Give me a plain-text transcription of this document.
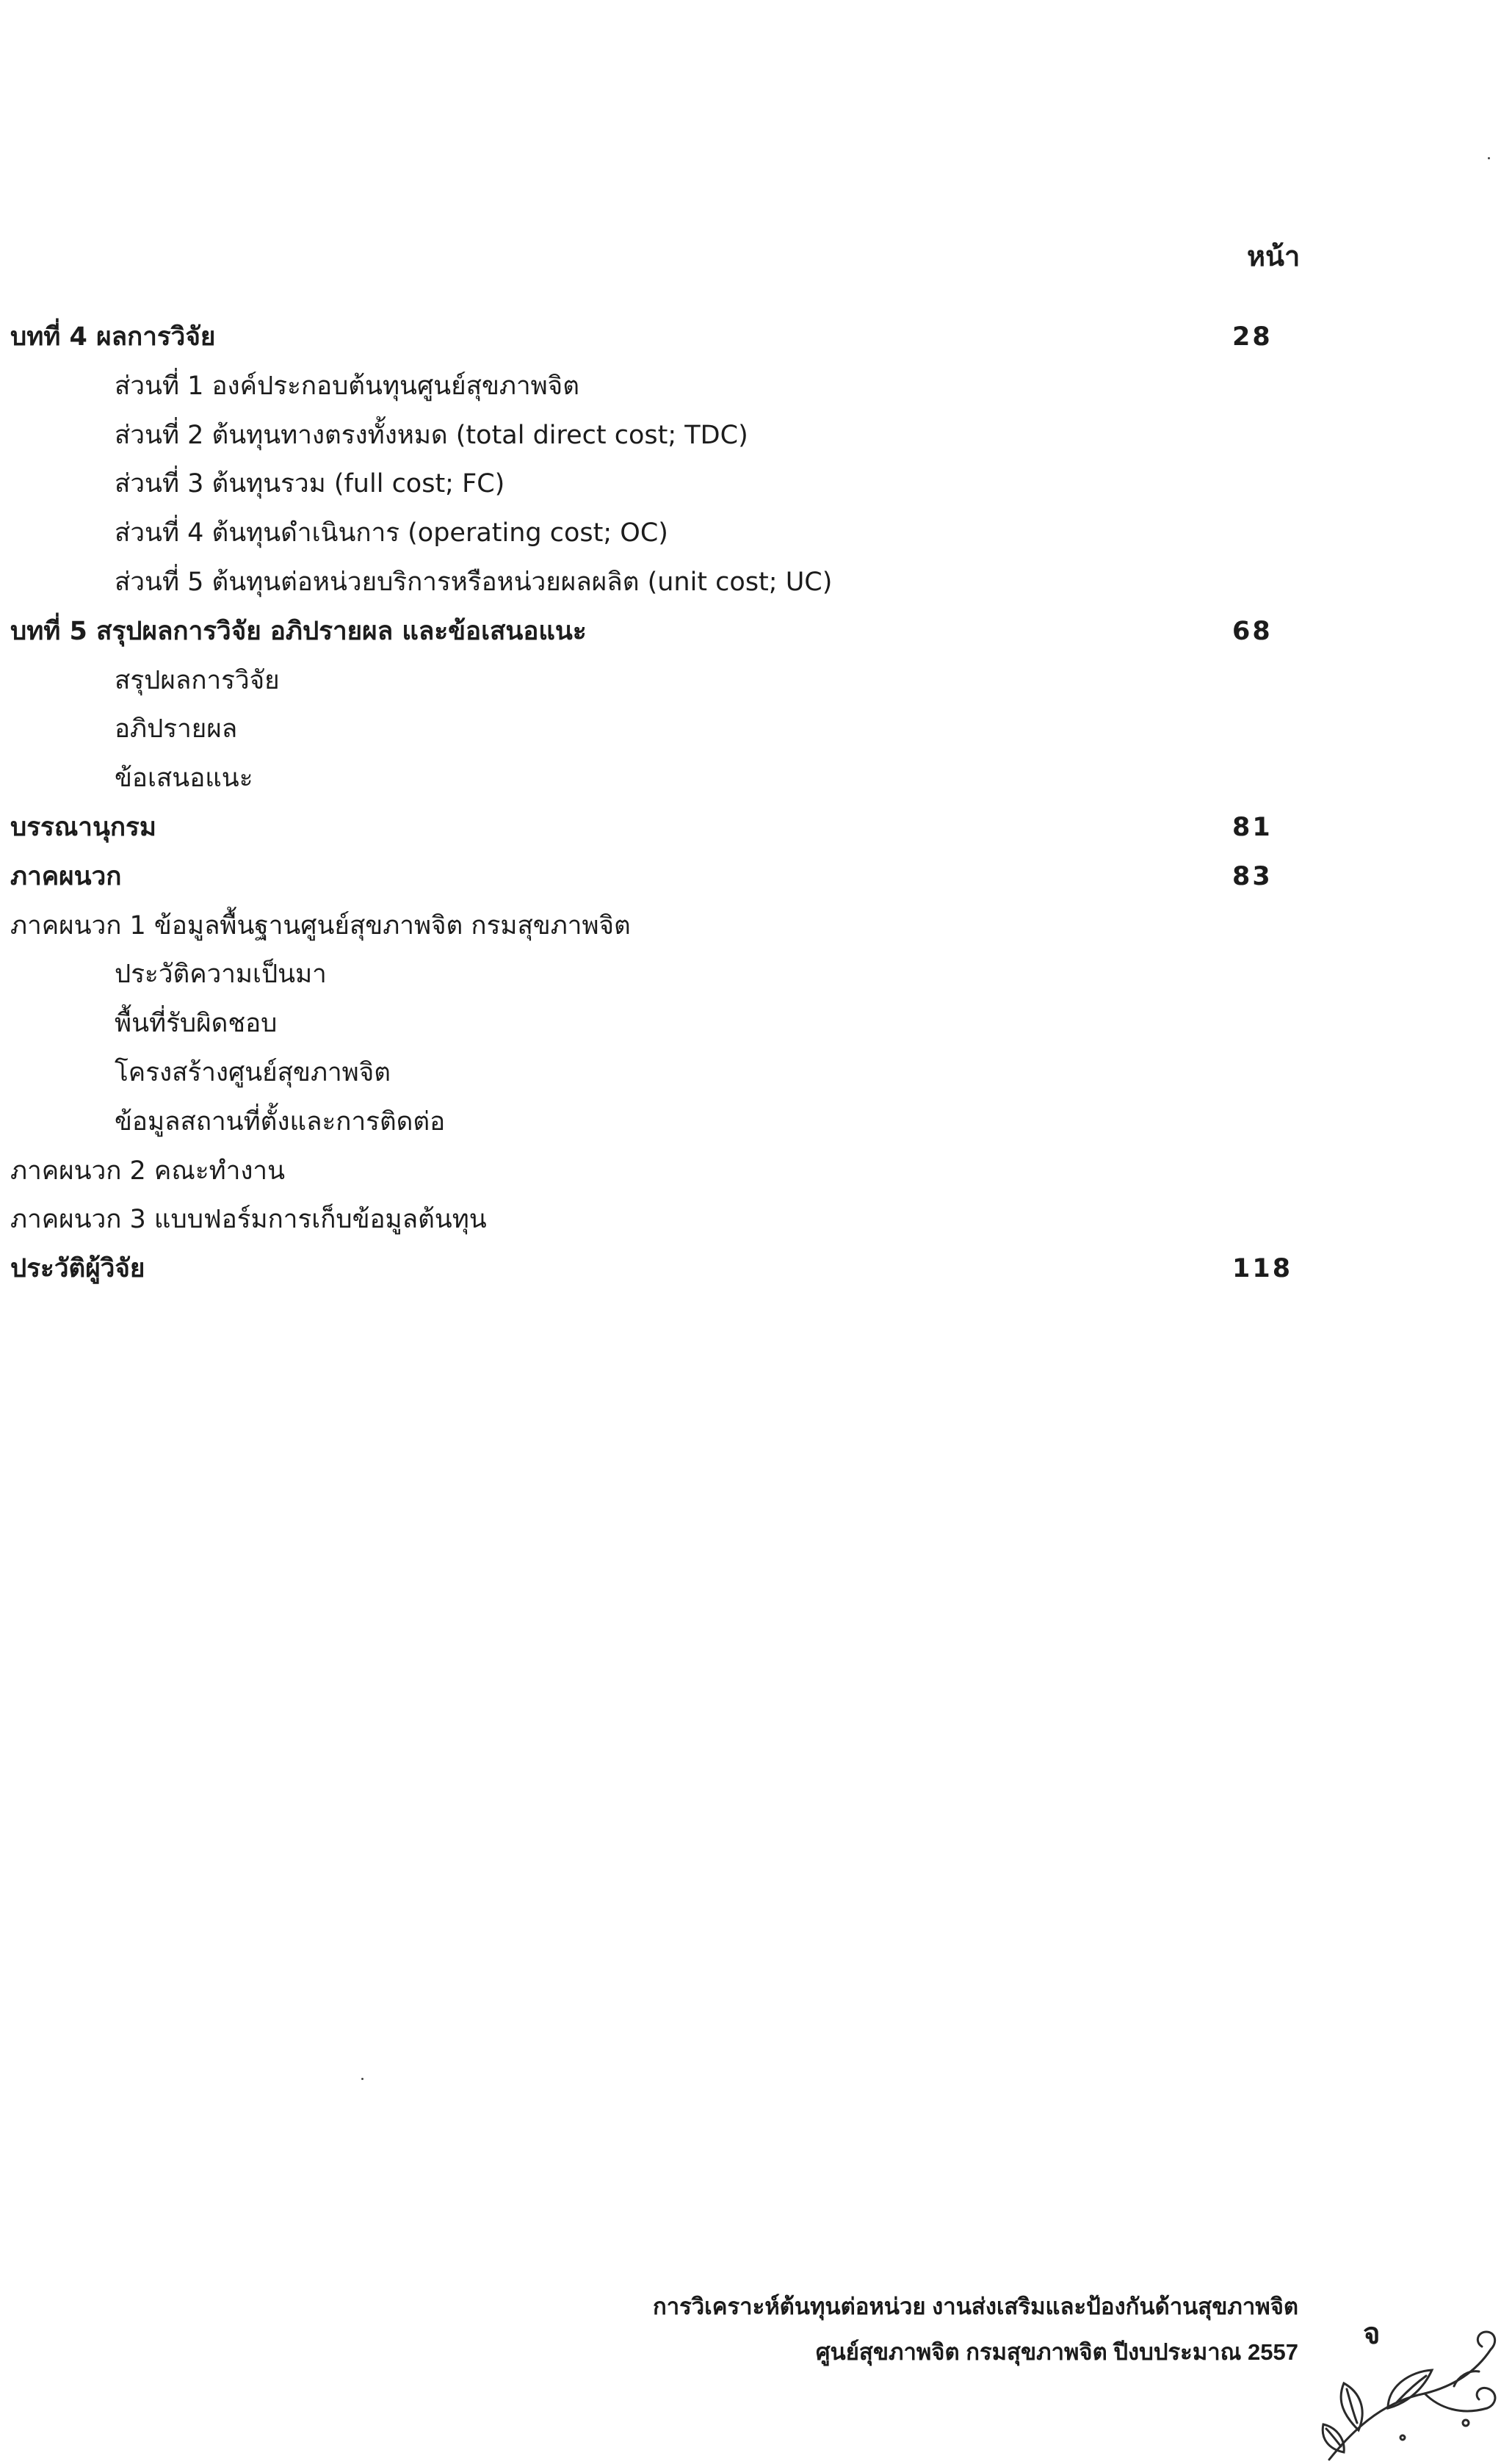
หน้า
บทที่ 4 ผลการวิจัย	28
ส่วนที่ 1 องค์ประกอบต้นทุนศูนย์สุขภาพจิต
ส่วนที่ 2 ต้นทุนทางตรงทั้งหมด (total direct cost; TDC)
ส่วนที่ 3 ต้นทุนรวม (full cost; FC)
ส่วนที่ 4 ต้นทุนดำเนินการ (operating cost; OC)
ส่วนที่ 5 ต้นทุนต่อหน่วยบริการหรือหน่วยผลผลิต (unit cost; UC)
บทที่ 5 สรุปผลการวิจัย อภิปรายผล และข้อเสนอแนะ	68
สรุปผลการวิจัย
อภิปรายผล
ข้อเสนอแนะ
บรรณานุกรม	81
ภาคผนวก	83
ภาคผนวก 1 ข้อมูลพื้นฐานศูนย์สุขภาพจิต กรมสุขภาพจิต
ประวัติความเป็นมา
พื้นที่รับผิดชอบ
โครงสร้างศูนย์สุขภาพจิต
ข้อมูลสถานที่ตั้งและการติดต่อ
ภาคผนวก 2 คณะทำงาน
ภาคผนวก 3 แบบฟอร์มการเก็บข้อมูลต้นทุน
ประวัติผู้วิจัย	118
การวิเคราะห์ต้นทุนต่อหน่วย งานส่งเสริมและป้องกันด้านสุขภาพจิต
ศูนย์สุขภาพจิต กรมสุขภาพจิต ปีงบประมาณ 2557
จ
